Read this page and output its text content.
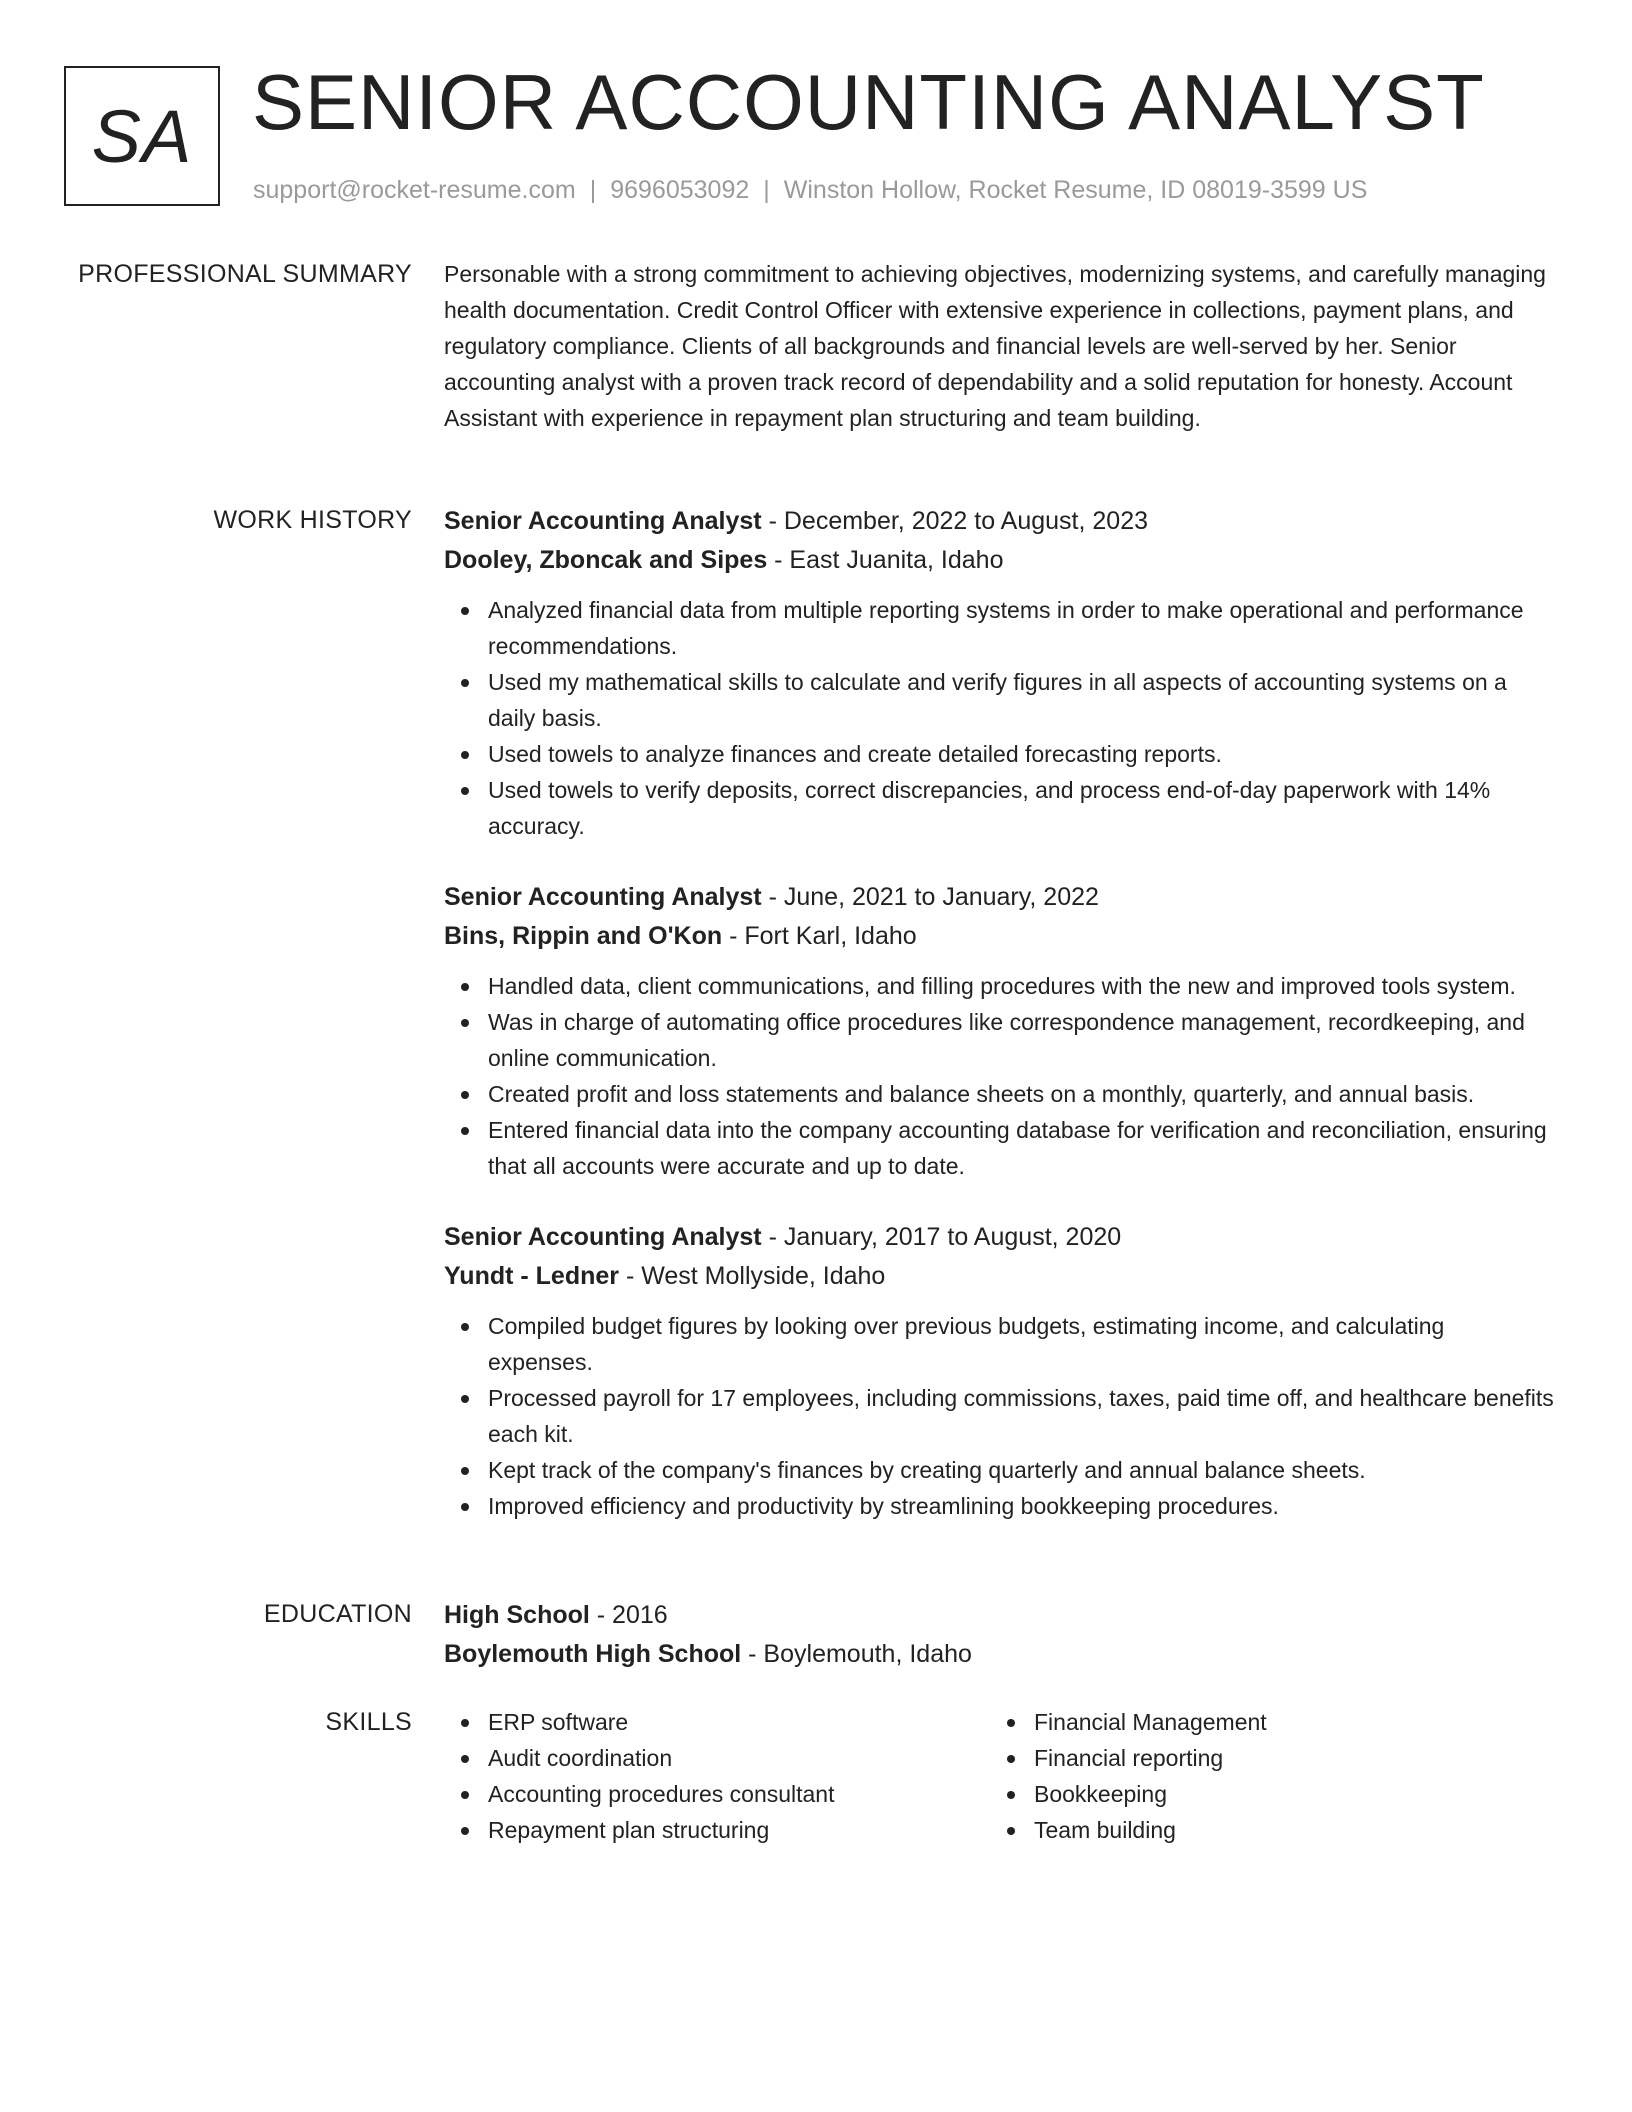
SA SENIOR ACCOUNTING ANALYST
support@rocket-resume.com | 9696053092 | Winston Hollow, Rocket Resume, ID 08019-3599 US
PROFESSIONAL SUMMARY Personable with a strong commitment to achieving objectives, modernizing systems, and carefully managing health documentation. Credit Control Officer with extensive experience in collections, payment plans, and regulatory compliance. Clients of all backgrounds and financial levels are well-served by her. Senior accounting analyst with a proven track record of dependability and a solid reputation for honesty. Account Assistant with experience in repayment plan structuring and team building.

WORK HISTORY Senior Accounting Analyst - December, 2022 to August, 2023
Dooley, Zboncak and Sipes - East Juanita, Idaho
Analyzed financial data from multiple reporting systems in order to make operational and performance recommendations.
Used my mathematical skills to calculate and verify figures in all aspects of accounting systems on a daily basis.
Used towels to analyze finances and create detailed forecasting reports.
Used towels to verify deposits, correct discrepancies, and process end-of-day paperwork with 14% accuracy.
Senior Accounting Analyst - June, 2021 to January, 2022
Bins, Rippin and O'Kon - Fort Karl, Idaho
Handled data, client communications, and filling procedures with the new and improved tools system.
Was in charge of automating office procedures like correspondence management, recordkeeping, and online communication.
Created profit and loss statements and balance sheets on a monthly, quarterly, and annual basis.
Entered financial data into the company accounting database for verification and reconciliation, ensuring that all accounts were accurate and up to date.
Senior Accounting Analyst - January, 2017 to August, 2020
Yundt - Ledner - West Mollyside, Idaho
Compiled budget figures by looking over previous budgets, estimating income, and calculating expenses.
Processed payroll for 17 employees, including commissions, taxes, paid time off, and healthcare benefits each kit.
Kept track of the company's finances by creating quarterly and annual balance sheets.
Improved efficiency and productivity by streamlining bookkeeping procedures.
EDUCATION High School - 2016
Boylemouth High School - Boylemouth, Idaho
SKILLS	ERP software
Audit coordination
Accounting procedures consultant
Repayment plan structuring
Financial Management
Financial reporting
Bookkeeping
Team building
